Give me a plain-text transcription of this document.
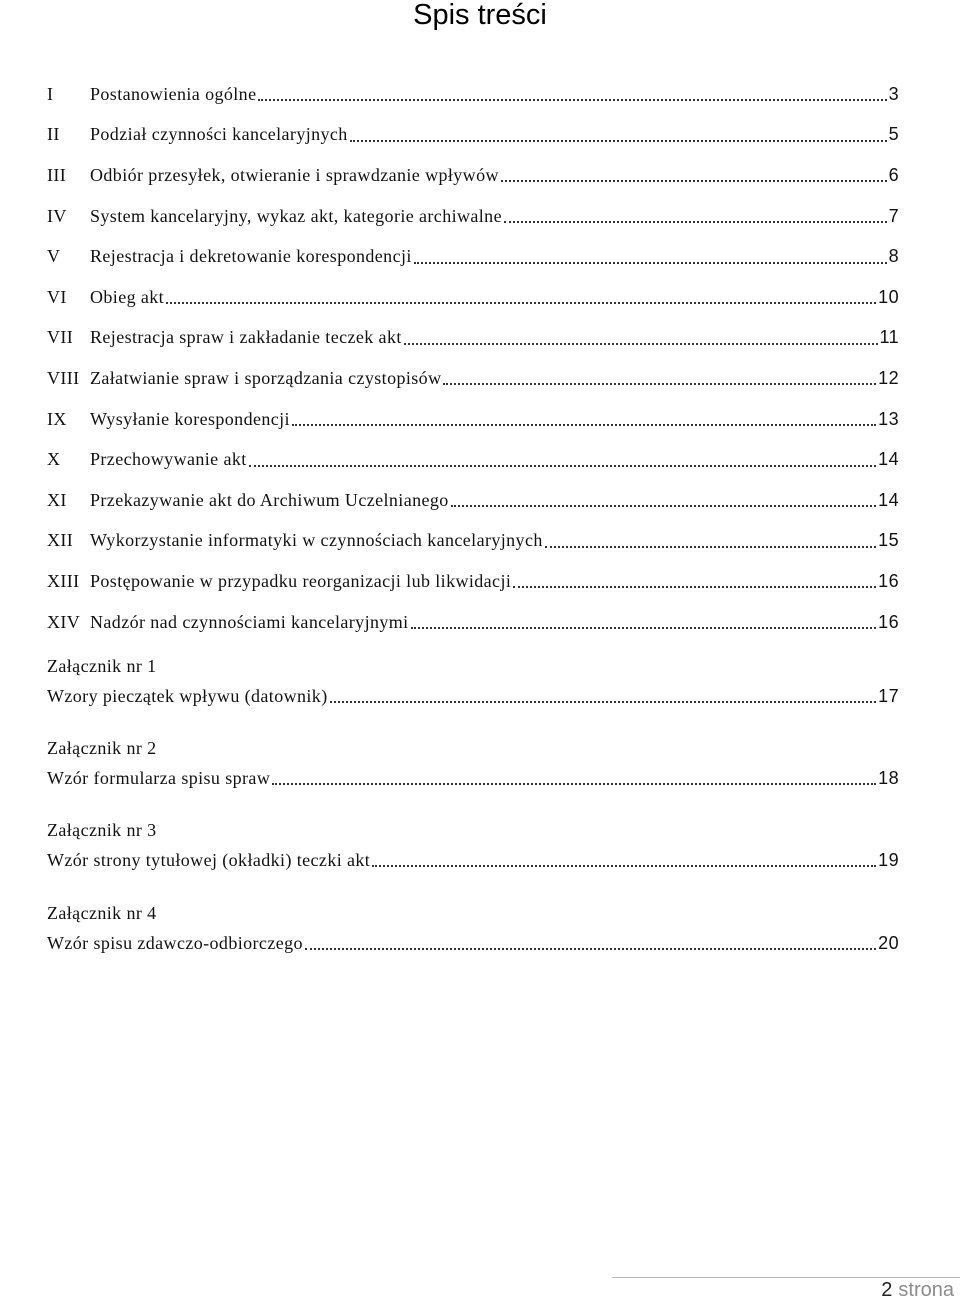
Spis treści
I	Postanowienia ogólne	3
II	Podział czynności kancelaryjnych	5
III	Odbiór przesyłek, otwieranie i sprawdzanie wpływów	6
IV	System kancelaryjny, wykaz akt, kategorie archiwalne	7
V	Rejestracja i dekretowanie korespondencji	8
VI	Obieg akt	10
VII Rejestracja spraw i zakładanie teczek akt	11
VIII Załatwianie spraw i sporządzania czystopisów	12
IX	Wysyłanie korespondencji	13
X	Przechowywanie akt	14
XI	Przekazywanie akt do Archiwum Uczelnianego	14
XII Wykorzystanie informatyki w czynnościach kancelaryjnych	15
XIII Postępowanie w przypadku reorganizacji lub likwidacji	16
XIV Nadzór nad czynnościami kancelaryjnymi	16
Załącznik nr 1
Wzory pieczątek wpływu (datownik)	17
Załącznik nr 2
Wzór formularza spisu spraw	18
Załącznik nr 3
Wzór strony tytułowej (okładki) teczki akt	19
Załącznik nr 4
Wzór spisu zdawczo-odbiorczego	20
2 strona
